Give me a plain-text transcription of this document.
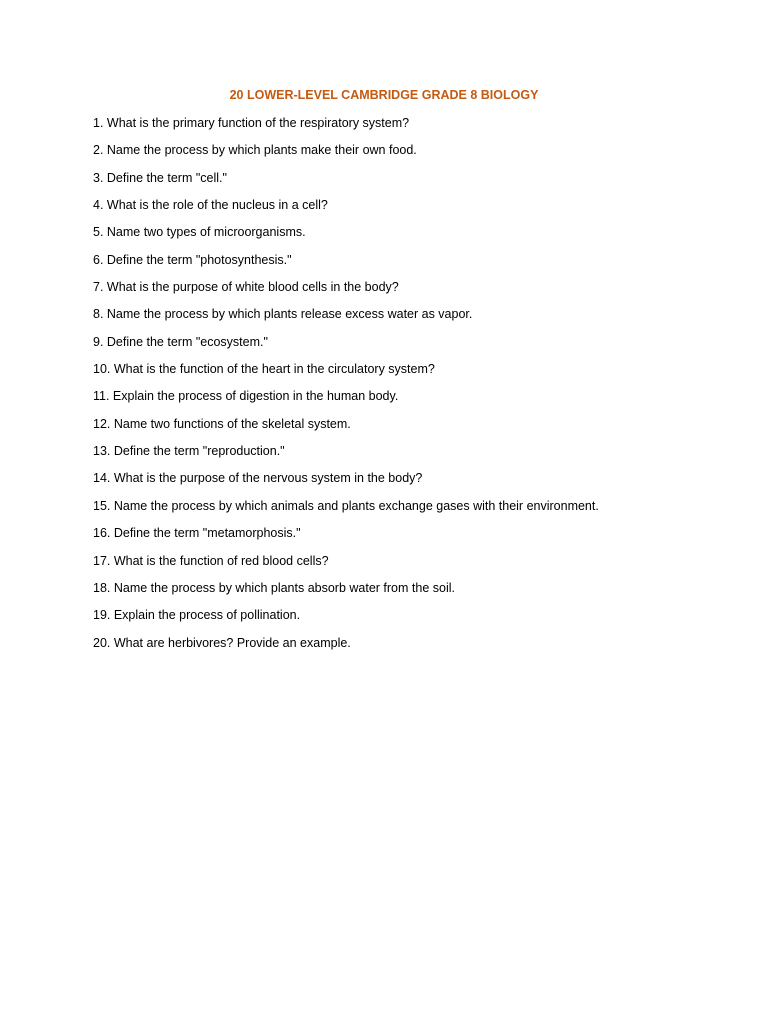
20 LOWER-LEVEL CAMBRIDGE GRADE 8 BIOLOGY
1. What is the primary function of the respiratory system?
2. Name the process by which plants make their own food.
3. Define the term "cell."
4. What is the role of the nucleus in a cell?
5. Name two types of microorganisms.
6. Define the term "photosynthesis."
7. What is the purpose of white blood cells in the body?
8. Name the process by which plants release excess water as vapor.
9. Define the term "ecosystem."
10. What is the function of the heart in the circulatory system?
11. Explain the process of digestion in the human body.
12. Name two functions of the skeletal system.
13. Define the term "reproduction."
14. What is the purpose of the nervous system in the body?
15. Name the process by which animals and plants exchange gases with their environment.
16. Define the term "metamorphosis."
17. What is the function of red blood cells?
18. Name the process by which plants absorb water from the soil.
19. Explain the process of pollination.
20. What are herbivores? Provide an example.
